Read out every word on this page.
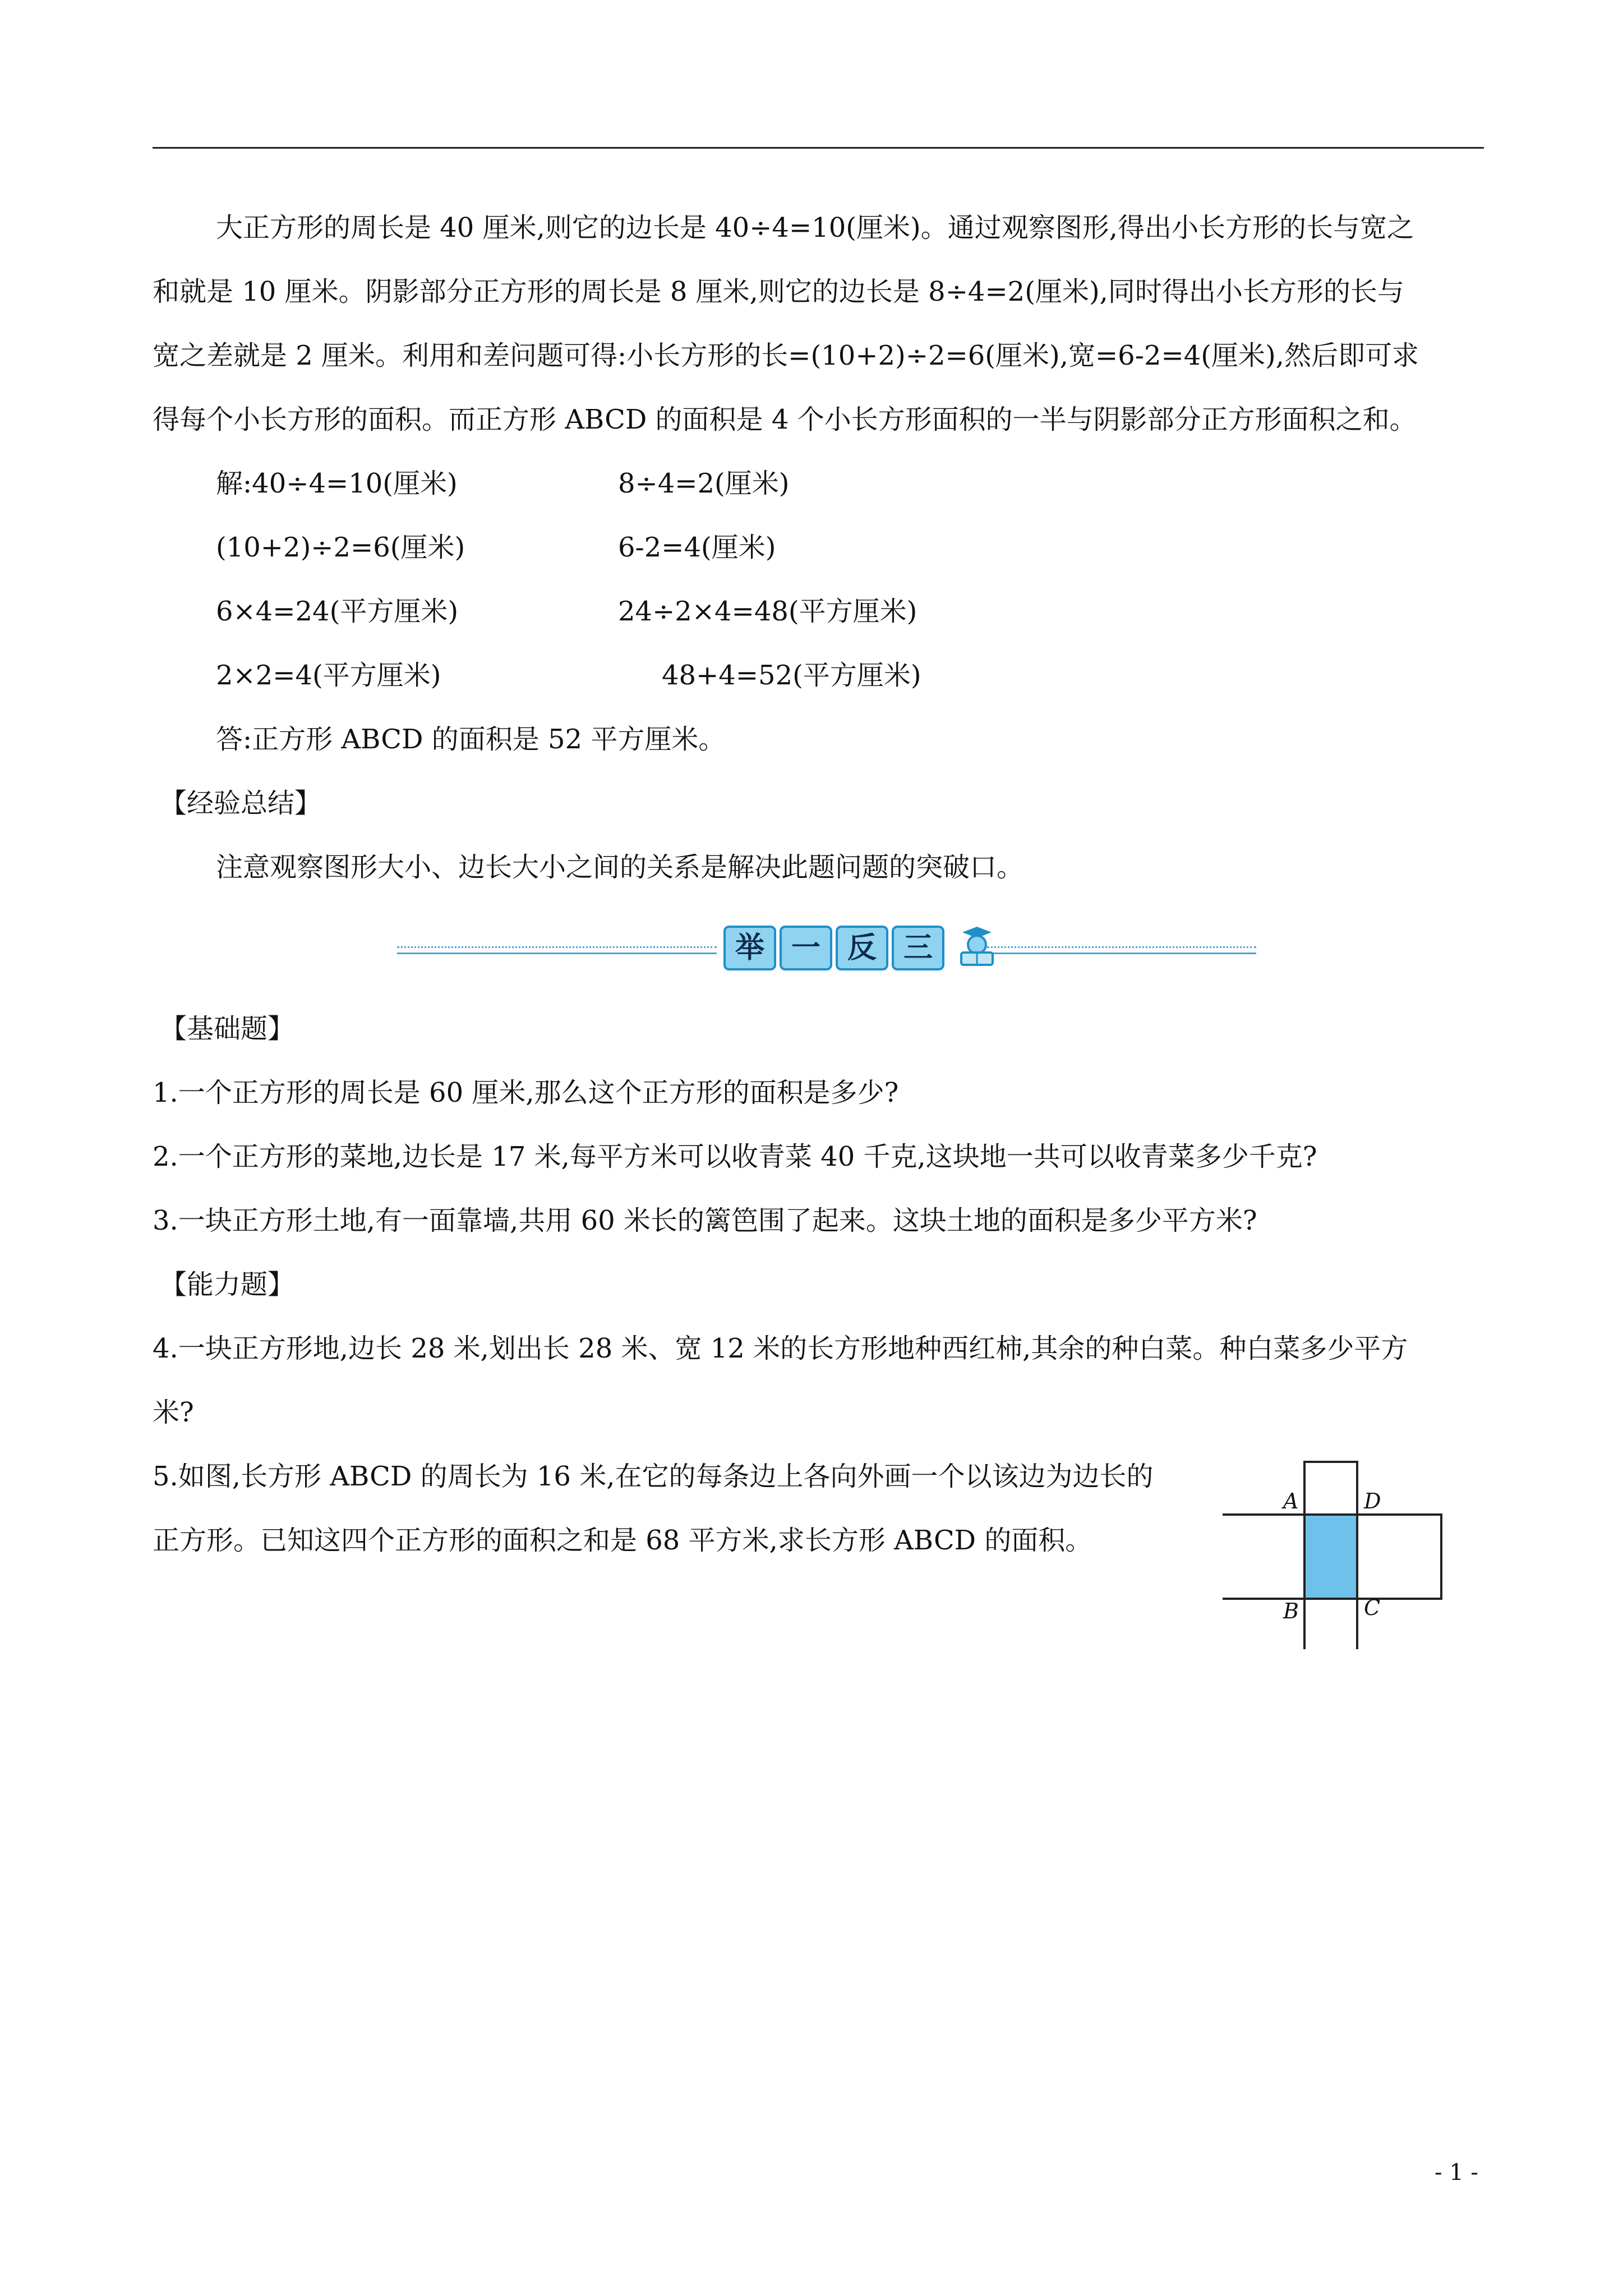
大正方形的周长是 40 厘米,则它的边长是 40÷4=10(厘米)。通过观察图形,得出小长方形的长与宽之
和就是 10 厘米。阴影部分正方形的周长是 8 厘米,则它的边长是 8÷4=2(厘米),同时得出小长方形的长与
宽之差就是 2 厘米。利用和差问题可得:小长方形的长=(10+2)÷2=6(厘米),宽=6-2=4(厘米),然后即可求
得每个小长方形的面积。而正方形 ABCD 的面积是 4 个小长方形面积的一半与阴影部分正方形面积之和。
解:40÷4=10(厘米)	8÷4=2(厘米)
(10+2)÷2=6(厘米)	6-2=4(厘米)
6×4=24(平方厘米)	24÷2×4=48(平方厘米)
2×2=4(平方厘米)	48+4=52(平方厘米)
答:正方形 ABCD 的面积是 52 平方厘米。
【经验总结】
注意观察图形大小、边长大小之间的关系是解决此题问题的突破口。
举 一 反 三
【基础题】
1.一个正方形的周长是 60 厘米,那么这个正方形的面积是多少?
2.一个正方形的菜地,边长是 17 米,每平方米可以收青菜 40 千克,这块地一共可以收青菜多少千克?
3.一块正方形土地,有一面靠墙,共用 60 米长的篱笆围了起来。这块土地的面积是多少平方米?
【能力题】
4.一块正方形地,边长 28 米,划出长 28 米、宽 12 米的长方形地种西红柿,其余的种白菜。种白菜多少平方
米?
5.如图,长方形 ABCD 的周长为 16 米,在它的每条边上各向外画一个以该边为边长的
正方形。已知这四个正方形的面积之和是 68 平方米,求长方形 ABCD 的面积。
A	D
B	C
- 1 -
